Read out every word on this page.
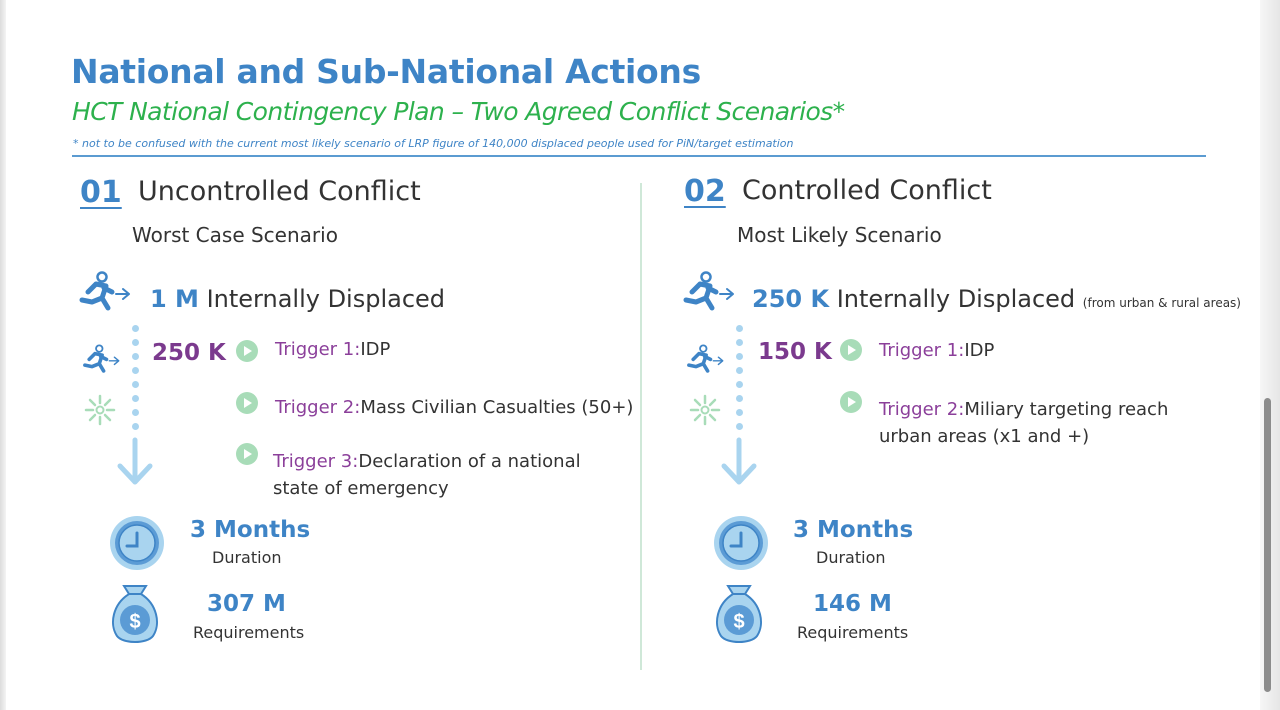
National and Sub-National Actions
HCT National Contingency Plan – Two Agreed Conflict Scenarios*
* not to be confused with the current most likely scenario of LRP figure of 140,000 displaced people used for PiN/target estimation
01 Uncontrolled Conflict
Worst Case Scenario
1 M Internally Displaced
250 K	Trigger 1:IDP
Trigger 2:Mass Civilian Casualties (50+)
Trigger 3:Declaration of a national
state of emergency
3 Months
Duration
$
307 M
Requirements
02 Controlled Conflict
Most Likely Scenario
250 K Internally Displaced (from urban & rural areas)
150 K	Trigger 1:IDP
Trigger 2:Miliary targeting reach
urban areas (x1 and +)
3 Months
Duration
$
146 M
Requirements
